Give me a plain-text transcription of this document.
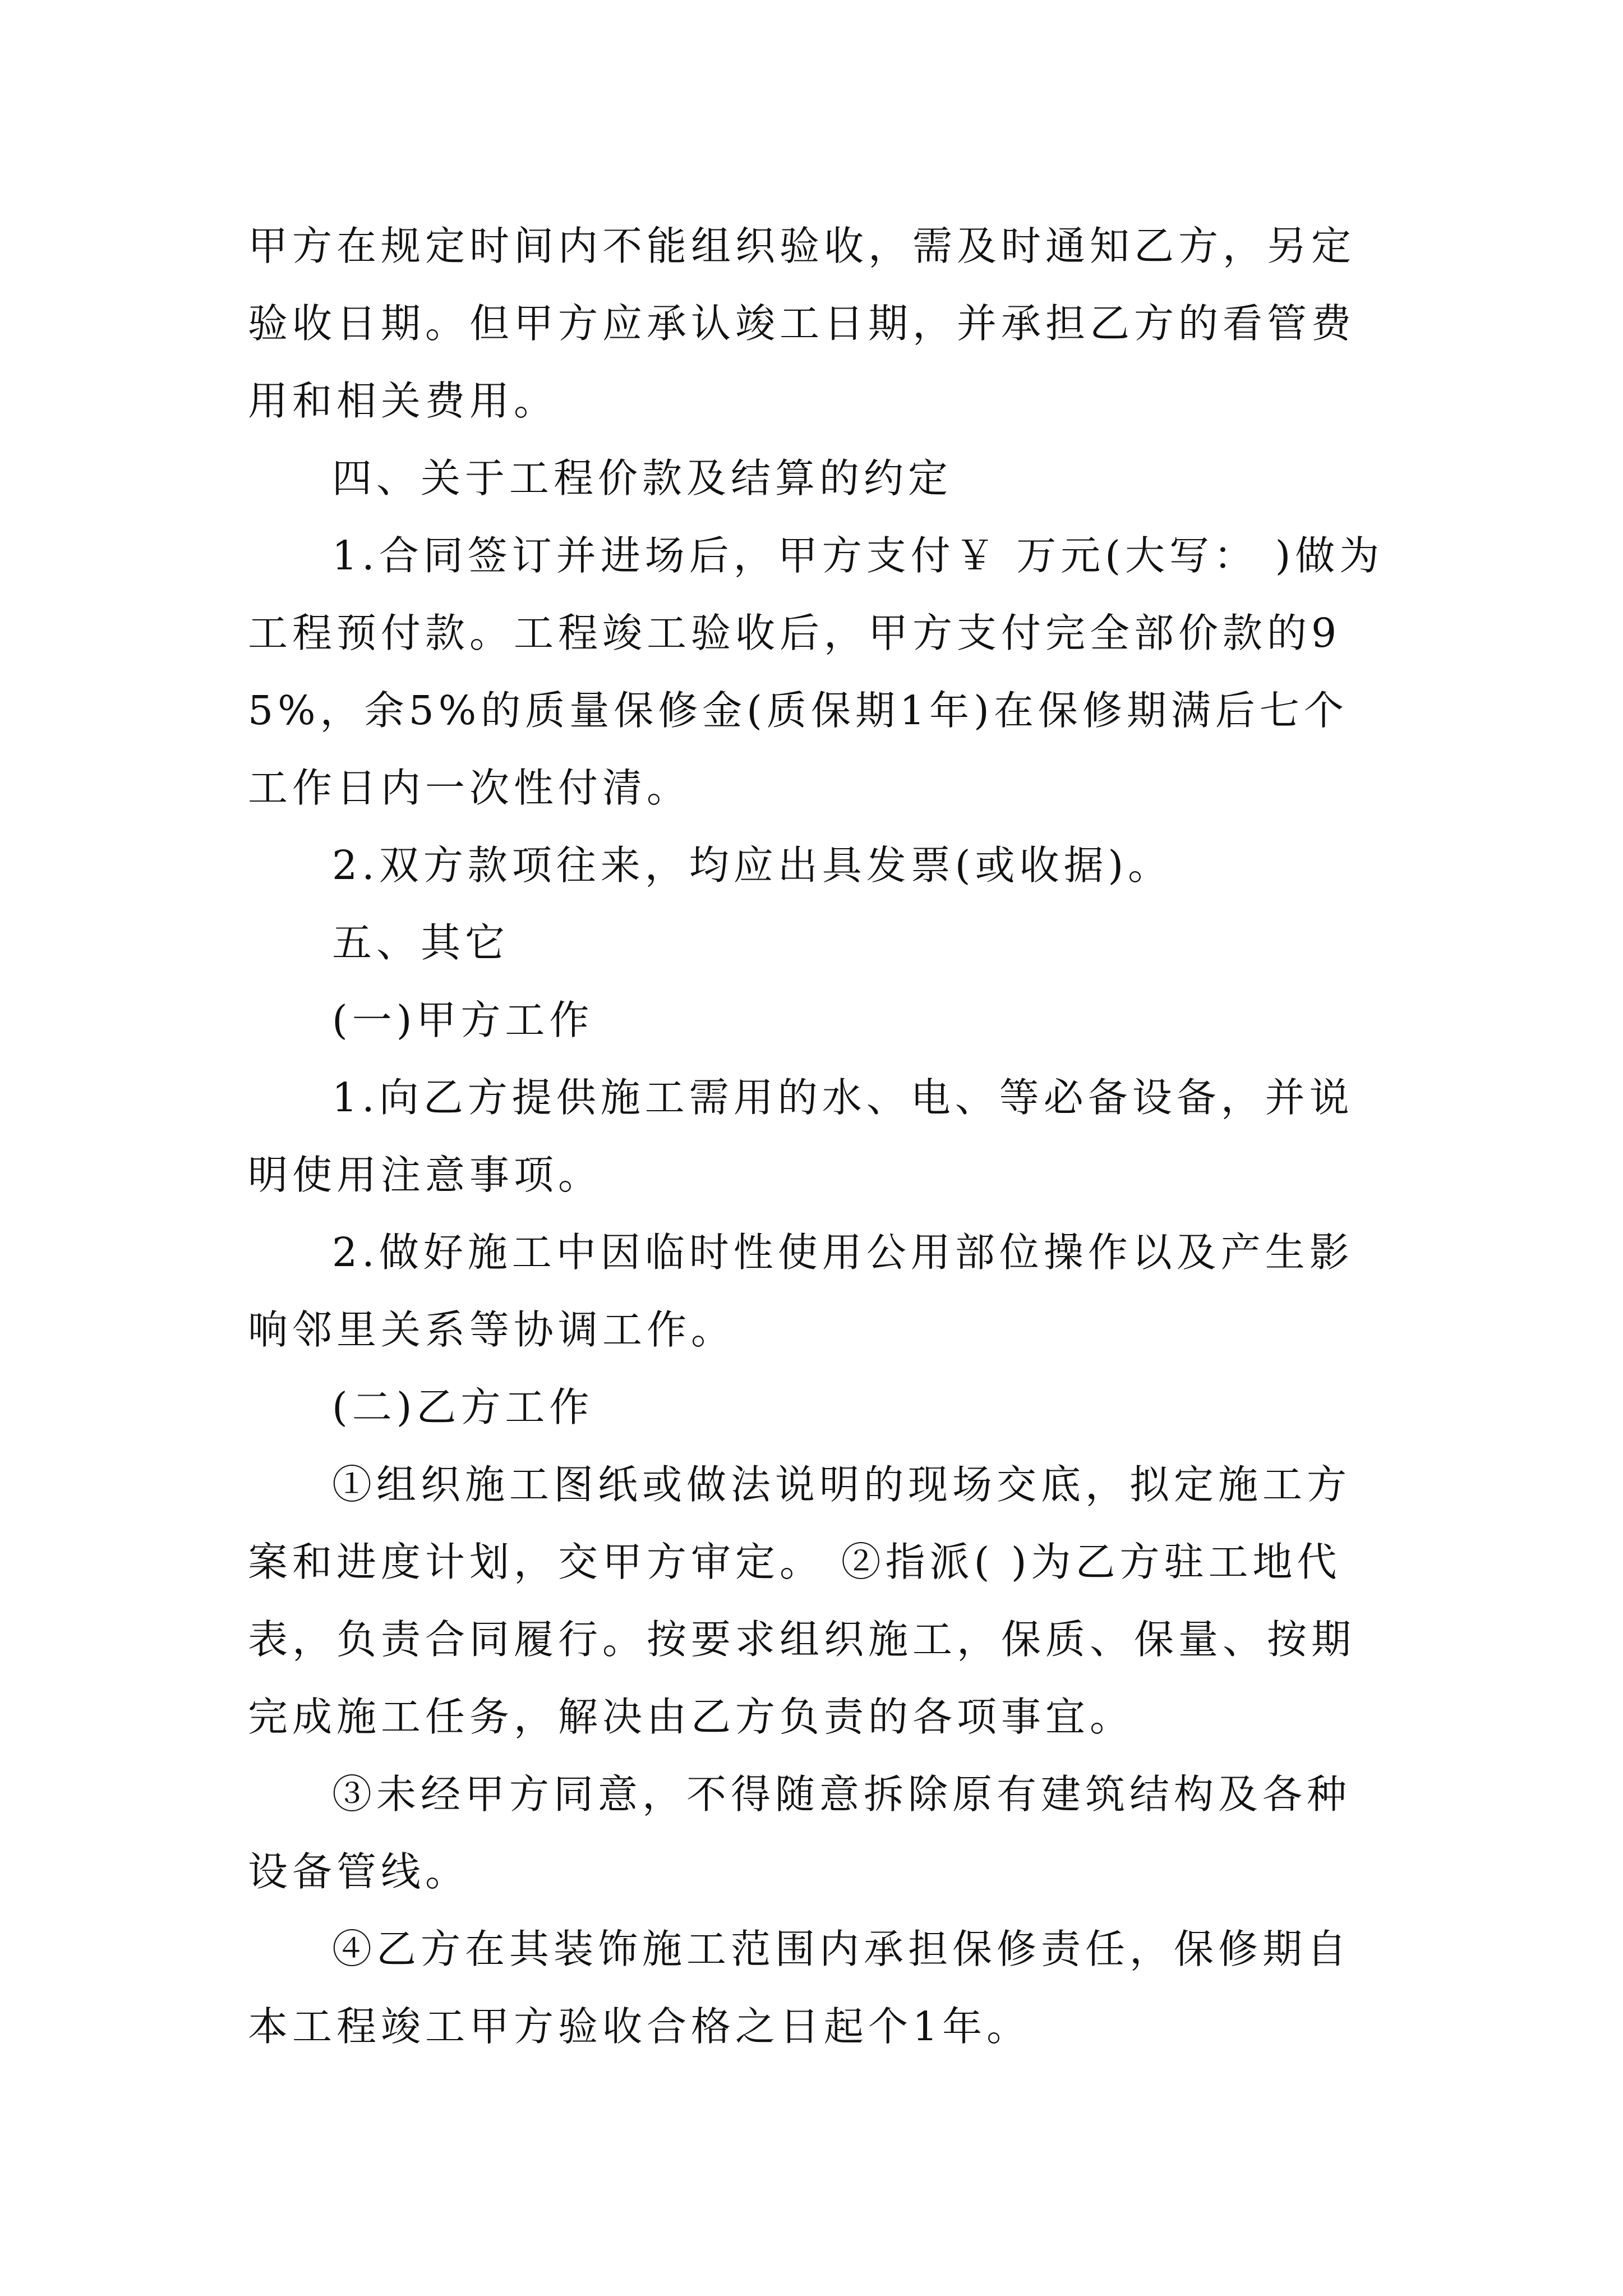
甲方在规定时间内不能组织验收，需及时通知乙方，另定验收日期。但甲方应承认竣工日期，并承担乙方的看管费用和相关费用。

四、关于工程价款及结算的约定

1.合同签订并进场后，甲方支付￥ 万元(大写： )做为工程预付款。工程竣工验收后，甲方支付完全部价款的95%，余5%的质量保修金(质保期1年)在保修期满后七个工作日内一次性付清。

2.双方款项往来，均应出具发票(或收据)。

五、其它

(一)甲方工作

1.向乙方提供施工需用的水、电、等必备设备，并说明使用注意事项。

2.做好施工中因临时性使用公用部位操作以及产生影响邻里关系等协调工作。

(二)乙方工作

①组织施工图纸或做法说明的现场交底，拟定施工方案和进度计划，交甲方审定。 ②指派( )为乙方驻工地代表，负责合同履行。按要求组织施工，保质、保量、按期完成施工任务，解决由乙方负责的各项事宜。

③未经甲方同意，不得随意拆除原有建筑结构及各种设备管线。

④乙方在其装饰施工范围内承担保修责任，保修期自本工程竣工甲方验收合格之日起个1年。
